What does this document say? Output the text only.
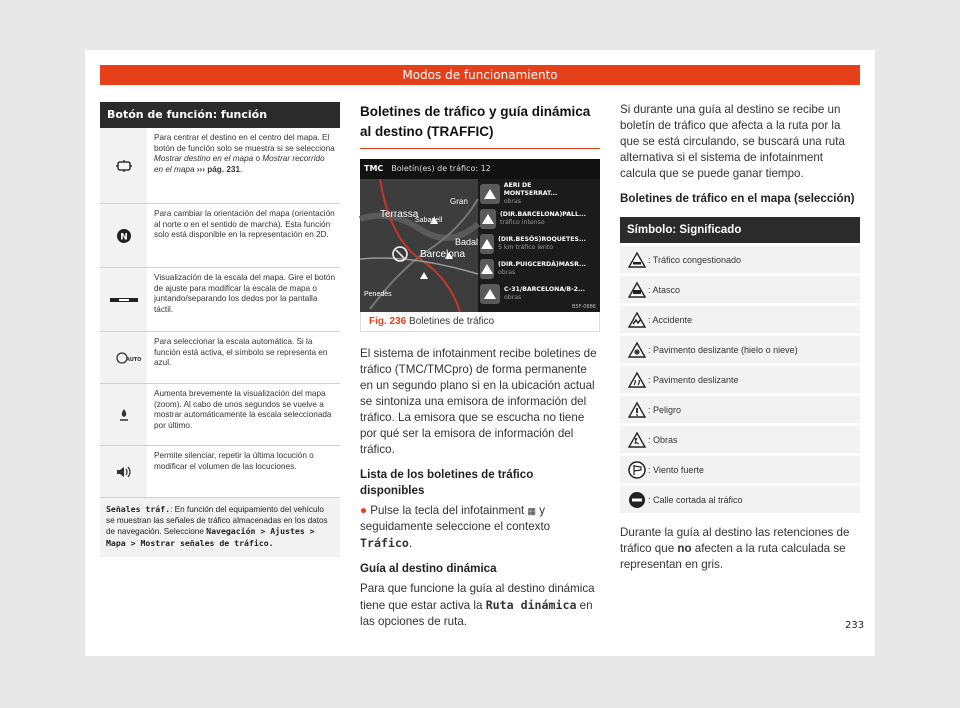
Modos de funcionamiento
Botón de función: función
Para centrar el destino en el centro del mapa. El botón de función solo se muestra si se selecciona Mostrar destino en el mapa o Mostrar recorrido en el mapa ››› pág. 231.
N
Para cambiar la orientación del mapa (orientación al norte o en el sentido de marcha). Esta función solo está disponible en la representación en 2D.
Visualización de la escala del mapa. Gire el botón de ajuste para modificar la escala de mapa o juntando/separando los dedos por la pantalla táctil.
AUTO
Para seleccionar la escala automática. Si la función está activa, el símbolo se representa en azul.
Aumenta brevemente la visualización del mapa (zoom). Al cabo de unos segundos se vuelve a mostrar automáticamente la escala seleccionada por último.
Permite silenciar, repetir la última locución o modificar el volumen de las locuciones.
Señales tráf.: En función del equipamiento del vehículo se muestran las señales de tráfico almacenadas en los datos de navegación. Seleccione Navegación > Ajustes > Mapa > Mostrar señales de tráfico.
Boletines de tráfico y guía dinámica al destino (TRAFFIC)
TMC Boletín(es) de tráfico: 12
Gran
Terrassa
Sabadell
Badal
Barcelona
Penedès
AERI DE MONTSERRAT...
obras
(DIR.BARCELONA)PALL...
tráfico intenso
(DIR.BESÓS)ROQUETES...
5 km tráfico lento
(DIR.PUIGCERDÀ)MASR...
obras
C-31/BARCELONA/B-2...
obras
B5F-0886
Fig. 236 Boletines de tráfico

El sistema de infotainment recibe boletines de tráfico (TMC/TMCpro) de forma permanente en un segundo plano si en la ubicación actual se sintoniza una emisora de información del tráfico. La emisora que se escucha no tiene por qué ser la emisora de información del tráfico.

Lista de los boletines de tráfico disponibles

● Pulse la tecla del infotainment ▦ y seguidamente seleccione el contexto Tráfico.

Guía al destino dinámica

Para que funcione la guía al destino dinámica tiene que estar activa la Ruta dinámica en las opciones de ruta.

Si durante una guía al destino se recibe un boletín de tráfico que afecta a la ruta por la que se está circulando, se buscará una ruta alternativa si el sistema de infotainment calcula que se puede ganar tiempo.

Boletines de tráfico en el mapa (selección)
Símbolo: Significado
: Tráfico congestionado
: Atasco
: Accidente
: Pavimento deslizante (hielo o nieve)
: Pavimento deslizante
: Peligro
: Obras
: Viento fuerte
: Calle cortada al tráfico

Durante la guía al destino las retenciones de tráfico que no afecten a la ruta calculada se representan en gris.

233
